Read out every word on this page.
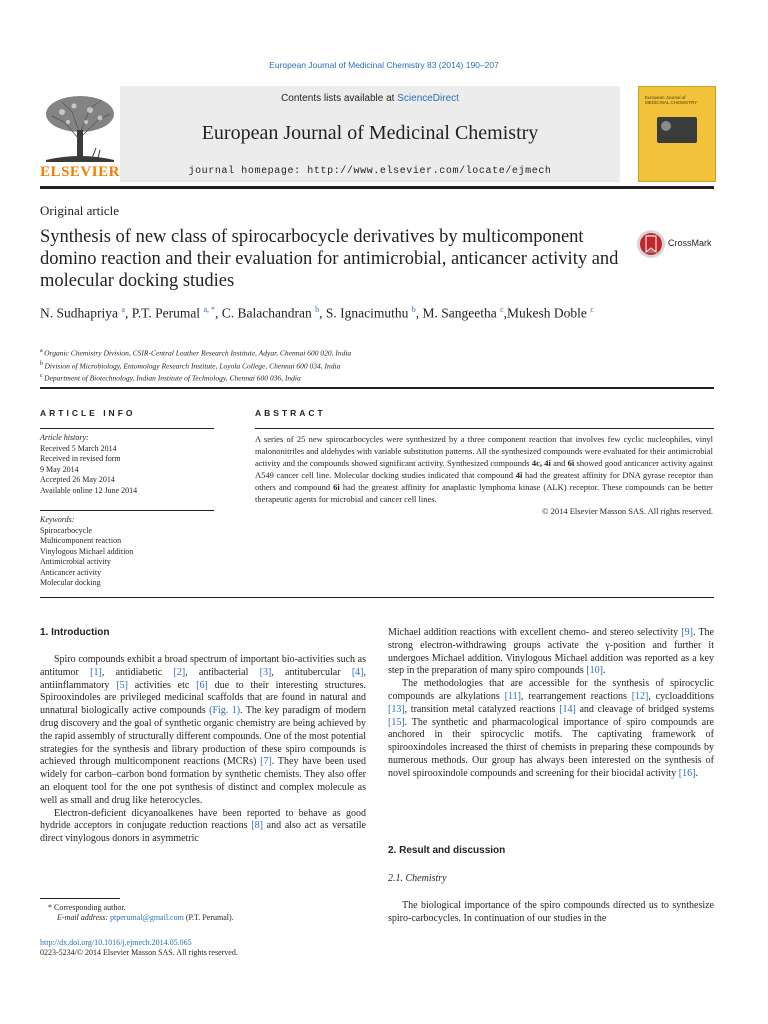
European Journal of Medicinal Chemistry 83 (2014) 190–207
Contents lists available at ScienceDirect
European Journal of Medicinal Chemistry
journal homepage: http://www.elsevier.com/locate/ejmech
ELSEVIER
European Journal of MEDICINAL CHEMISTRY
Original article
Synthesis of new class of spirocarbocycle derivatives by multicomponent domino reaction and their evaluation for antimicrobial, anticancer activity and molecular docking studies
CrossMark
N. Sudhapriya $^a$, P.T. Perumal $^{a, *}$, C. Balachandran $^b$, S. Ignacimuthu $^b$, M. Sangeetha $^c$,Mukesh Doble $^c$
$^a$ Organic Chemistry Division, CSIR-Central Leather Research Institute, Adyar, Chennai 600 020, India
$^b$ Division of Microbiology, Entomology Research Institute, Loyola College, Chennai 600 034, India
$^c$ Department of Biotechnology, Indian Institute of Technology, Chennai 600 036, India
ARTICLE INFO
Article history:
Received 5 March 2014
Received in revised form
9 May 2014
Accepted 26 May 2014
Available online 12 June 2014
Keywords:
Spirocarbocycle
Multicomponent reaction
Vinylogous Michael addition
Antimicrobial activity
Anticancer activity
Molecular docking
ABSTRACT
A series of 25 new spirocarbocycles were synthesized by a three component reaction that involves few cyclic nucleophiles, vinyl malononitriles and aldehydes with variable substitution patterns. All the synthesized compounds were evaluated for their antimicrobial activity and the compounds showed significant activity. Synthesized compounds 4c, 4i and 6i showed good anticancer activity against A549 cancer cell line. Molecular docking studies indicated that compound 4i had the greatest affinity for DNA gyrase receptor than others and compound 6i had the greatest affinity for anaplastic lymphoma kinase (ALK) receptor. These compounds can be better therapeutic agents for microbial and cancer cell lines.
© 2014 Elsevier Masson SAS. All rights reserved.
1. Introduction

Spiro compounds exhibit a broad spectrum of important bio-activities such as antitumor [1], antidiabetic [2], antibacterial [3], antitubercular [4], antiinflammatory [5] activities etc [6] due to their interesting structures. Spirooxindoles are privileged medicinal scaffolds that are found in natural and unnatural biologically active compounds (Fig. 1). The key paradigm of modern drug discovery and the goal of synthetic organic chemistry are being achieved by the rapid assembly of structurally different compounds. One of the most potential strategies for the synthesis and library production of these spiro compounds is achieved through multicomponent reactions (MCRs) [7]. They have been used widely for carbon–carbon bond formation by synthetic chemists. They also offer an eloquent tool for the one pot synthesis of distinct and complex molecule as well as small and drug like heterocycles.

Electron-deficient dicyanoalkenes have been reported to behave as good hydride acceptors in conjugate reduction reactions [8] and also act as versatile direct vinylogous donors in asymmetric

Michael addition reactions with excellent chemo- and stereo selectivity [9]. The strong electron-withdrawing groups activate the γ-position and further it undergoes Michael addition. Vinylogous Michael addition was reported as a key step in the preparation of many spiro compounds [10].

The methodologies that are accessible for the synthesis of spirocyclic compounds are alkylations [11], rearrangement reactions [12], cycloadditions [13], transition metal catalyzed reactions [14] and cleavage of bridged systems [15]. The synthetic and pharmacological importance of spiro compounds are anchored in their spirocyclic motifs. The captivating framework of spirooxindoles increased the thirst of chemists in preparing these compounds by numerous methods. Our group has always been interested on the synthesis of novel spirooxindole compounds and screening for their biocidal activity [16].

2. Result and discussion
2.1. Chemistry

The biological importance of the spiro compounds directed us to synthesize spiro-carbocycles. In continuation of our studies in the

* Corresponding author.
E-mail address: ptperumal@gmail.com (P.T. Perumal).
http://dx.doi.org/10.1016/j.ejmech.2014.05.065
0223-5234/© 2014 Elsevier Masson SAS. All rights reserved.
